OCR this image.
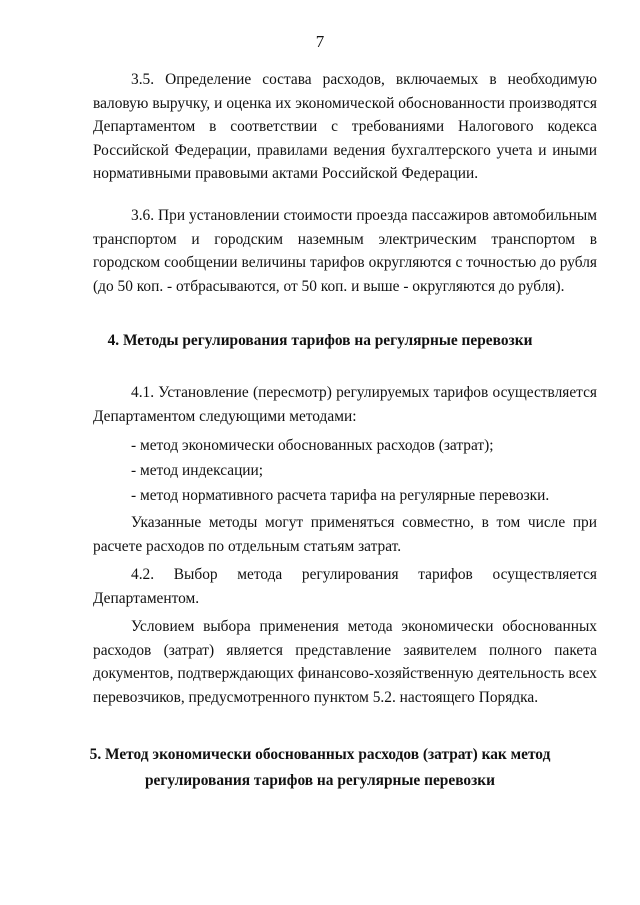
7

3.5. Определение состава расходов, включаемых в необходимую валовую выручку, и оценка их экономической обоснованности производятся Департаментом в соответствии с требованиями Налогового кодекса Российской Федерации, правилами ведения бухгалтерского учета и иными нормативными правовыми актами Российской Федерации.

3.6. При установлении стоимости проезда пассажиров автомобильным транспортом и городским наземным электрическим транспортом в городском сообщении величины тарифов округляются с точностью до рубля (до 50 коп. - отбрасываются, от 50 коп. и выше - округляются до рубля).

4. Методы регулирования тарифов на регулярные перевозки

4.1. Установление (пересмотр) регулируемых тарифов осуществляется Департаментом следующими методами:

- метод экономически обоснованных расходов (затрат);

- метод индексации;

- метод нормативного расчета тарифа на регулярные перевозки.

Указанные методы могут применяться совместно, в том числе при расчете расходов по отдельным статьям затрат.

4.2. Выбор метода регулирования тарифов осуществляется Департаментом.

Условием выбора применения метода экономически обоснованных расходов (затрат) является представление заявителем полного пакета документов, подтверждающих финансово-хозяйственную деятельность всех перевозчиков, предусмотренного пунктом 5.2. настоящего Порядка.

5. Метод экономически обоснованных расходов (затрат) как метод

регулирования тарифов на регулярные перевозки
